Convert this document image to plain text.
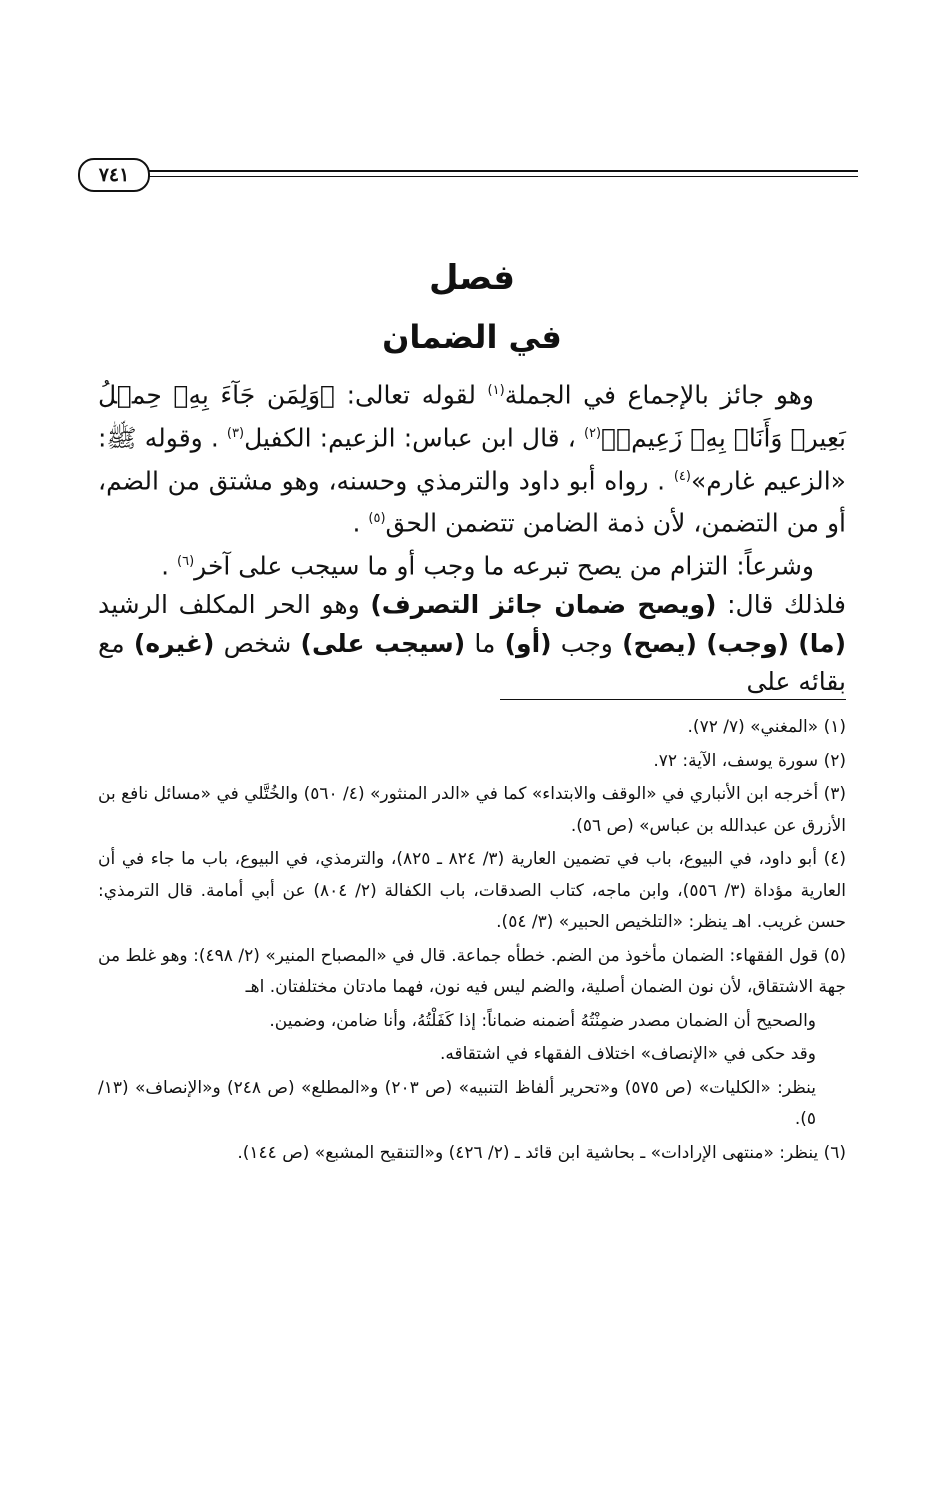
٧٤١
فصل
في الضمان

وهو جائز بالإجماع في الجملة$^{(١)}$ لقوله تعالى: ﴿وَلِمَن جَآءَ بِهِۦ حِمۡلُ بَعِيرٖ وَأَنَا۠ بِهِۦ زَعِيمٞ﴾$^{(٢)}$ ، قال ابن عباس: الزعيم: الكفيل$^{(٣)}$ . وقوله ﷺ: «الزعيم غارم»$^{(٤)}$ . رواه أبو داود والترمذي وحسنه، وهو مشتق من الضم، أو من التضمن، لأن ذمة الضامن تتضمن الحق$^{(٥)}$ .

وشرعاً: التزام من يصح تبرعه ما وجب أو ما سيجب على آخر$^{(٦)}$ .

فلذلك قال: (ويصح ضمان جائز التصرف) وهو الحر المكلف الرشيد (ما) (وجب) (يصح) وجب (أو) ما (سيجب على) شخص (غيره) مع بقائه على

(١) «المغني» (٧/ ٧٢).

(٢) سورة يوسف، الآية: ٧٢.

(٣) أخرجه ابن الأنباري في «الوقف والابتداء» كما في «الدر المنثور» (٤/ ٥٦٠) والخُتَّلي في «مسائل نافع بن الأزرق عن عبدالله بن عباس» (ص ٥٦).

(٤) أبو داود، في البيوع، باب في تضمين العارية (٣/ ٨٢٤ ـ ٨٢٥)، والترمذي، في البيوع، باب ما جاء في أن العارية مؤداة (٣/ ٥٥٦)، وابن ماجه، كتاب الصدقات، باب الكفالة (٢/ ٨٠٤) عن أبي أمامة. قال الترمذي: حسن غريب. اهـ ينظر: «التلخيص الحبير» (٣/ ٥٤).

(٥) قول الفقهاء: الضمان مأخوذ من الضم. خطأه جماعة. قال في «المصباح المنير» (٢/ ٤٩٨): وهو غلط من جهة الاشتقاق، لأن نون الضمان أصلية، والضم ليس فيه نون، فهما مادتان مختلفتان. اهـ

والصحيح أن الضمان مصدر ضمِنْتُهُ أضمنه ضماناً: إذا كَفَلْتُهُ، وأنا ضامن، وضمين.

وقد حكى في «الإنصاف» اختلاف الفقهاء في اشتقاقه.

ينظر: «الكليات» (ص ٥٧٥) و«تحرير ألفاظ التنبيه» (ص ٢٠٣) و«المطلع» (ص ٢٤٨) و«الإنصاف» (١٣/ ٥).

(٦) ينظر: «منتهى الإرادات» ـ بحاشية ابن قائد ـ (٢/ ٤٢٦) و«التنقيح المشبع» (ص ١٤٤).
